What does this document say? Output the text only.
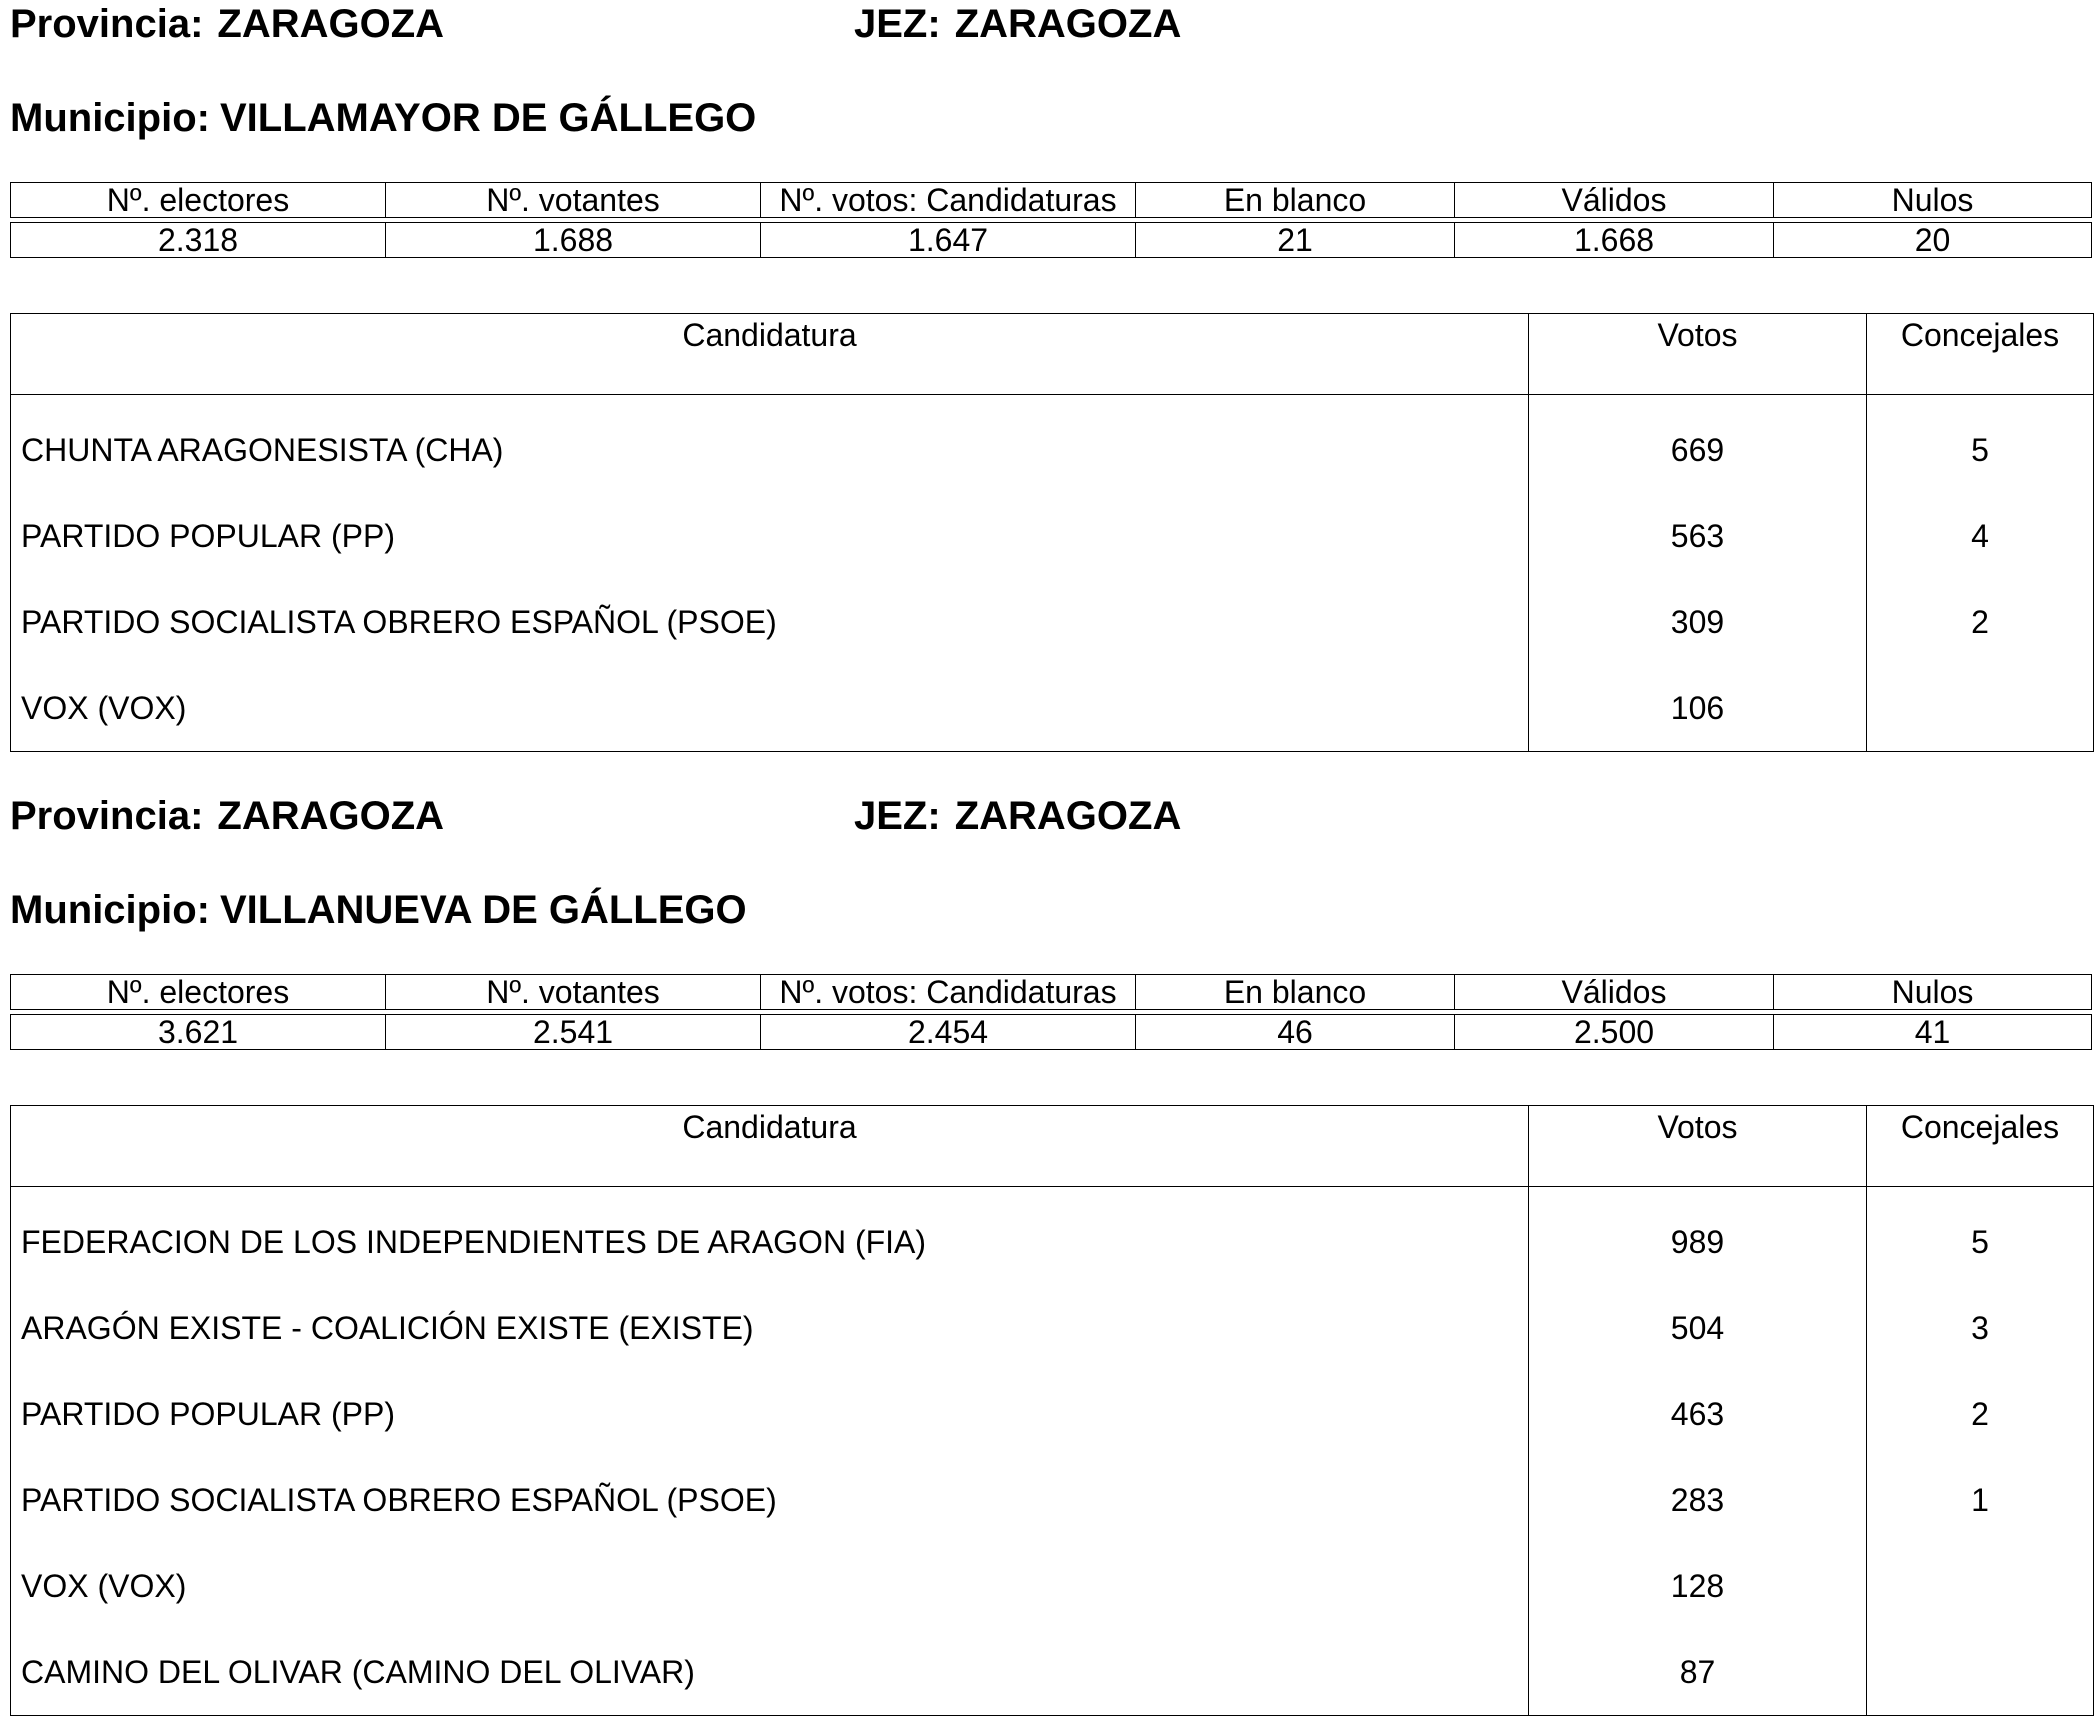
Provincia: ZARAGOZA	JEZ: ZARAGOZA
Municipio: VILLAMAYOR DE GÁLLEGO
Nº. electores	Nº. votantes	Nº. votos: Candidaturas	En blanco	Válidos	Nulos

2.318	1.688	1.647	21	1.668	20
Candidatura	Votos	Concejales
CHUNTA ARAGONESISTA (CHA)	669	5
PARTIDO POPULAR (PP)	563	4
PARTIDO SOCIALISTA OBRERO ESPAÑOL (PSOE)	309	2
VOX (VOX)	106
Provincia: ZARAGOZA	JEZ: ZARAGOZA
Municipio: VILLANUEVA DE GÁLLEGO
Nº. electores	Nº. votantes	Nº. votos: Candidaturas	En blanco	Válidos	Nulos

3.621	2.541	2.454	46	2.500	41
Candidatura	Votos	Concejales
FEDERACION DE LOS INDEPENDIENTES DE ARAGON (FIA)	989	5
ARAGÓN EXISTE - COALICIÓN EXISTE (EXISTE)	504	3
PARTIDO POPULAR (PP)	463	2
PARTIDO SOCIALISTA OBRERO ESPAÑOL (PSOE)	283	1
VOX (VOX)	128
CAMINO DEL OLIVAR (CAMINO DEL OLIVAR)	87
